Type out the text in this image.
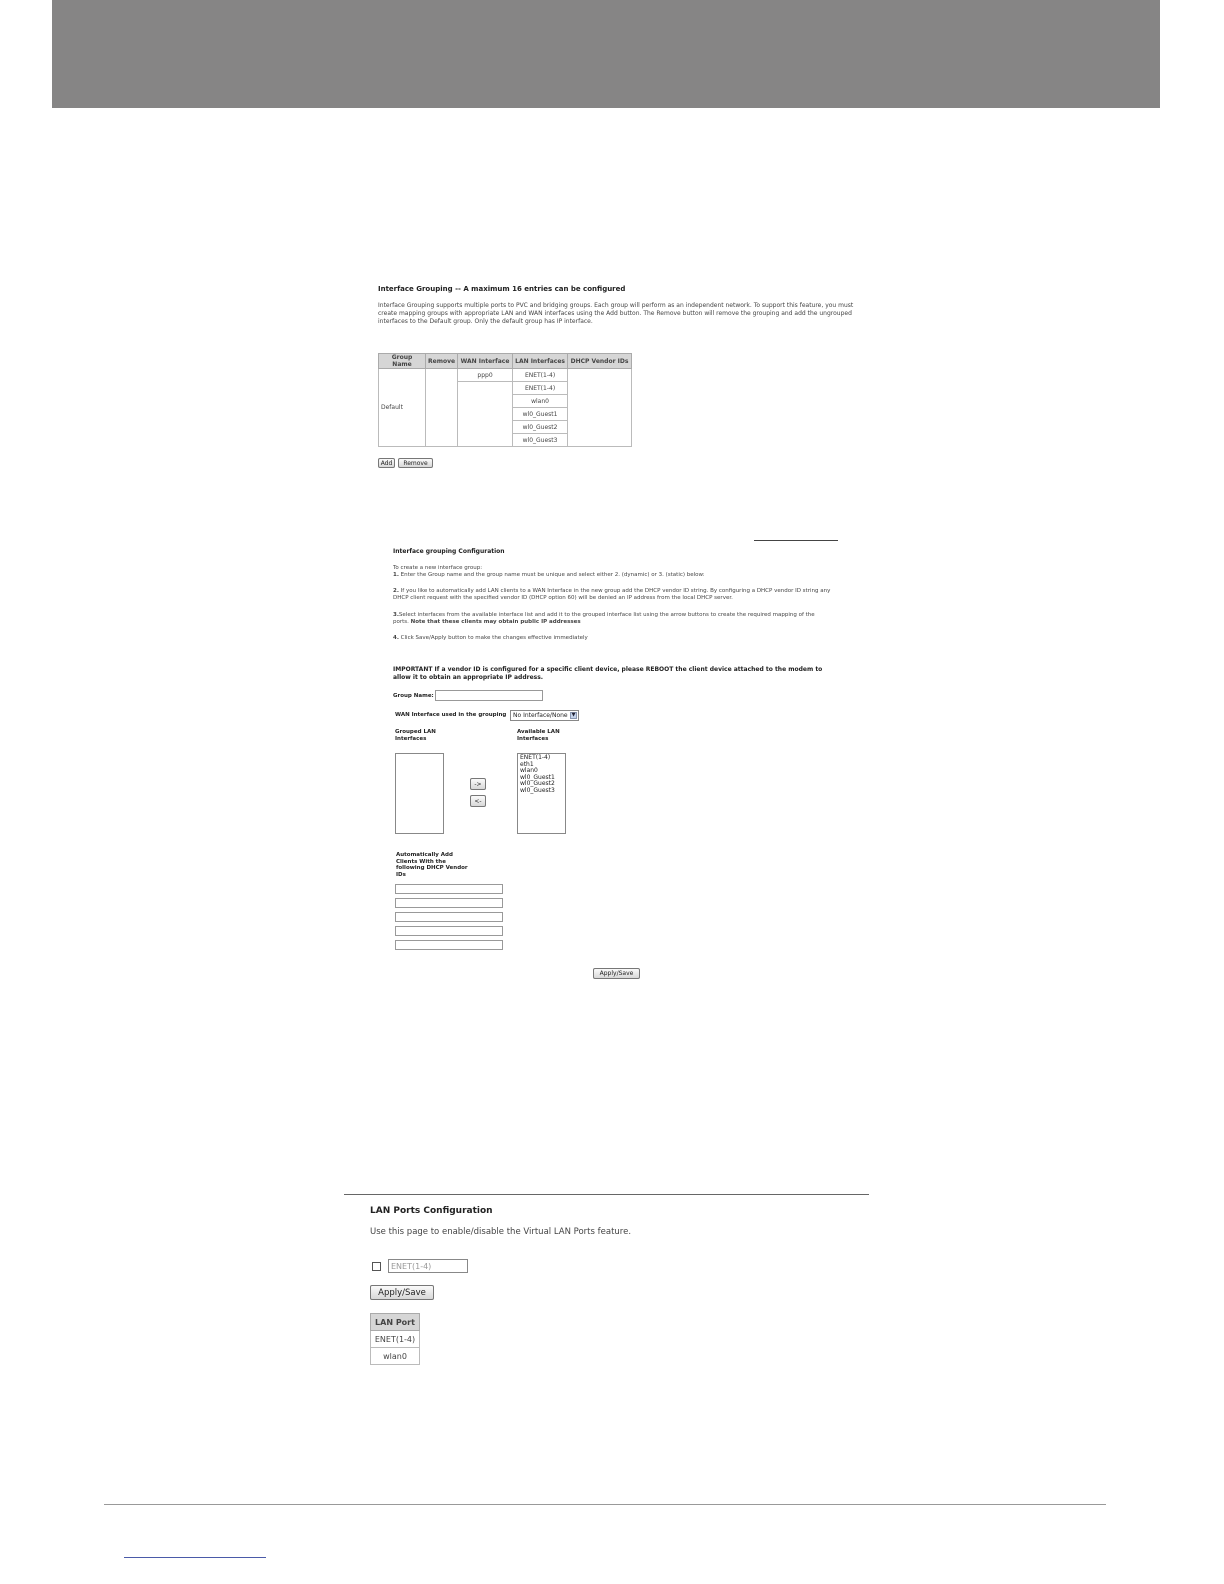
Interface Grouping -- A maximum 16 entries can be configured
Interface Grouping supports multiple ports to PVC and bridging groups. Each group will perform as an independent network. To support this feature, you must create mapping groups with appropriate LAN and WAN interfaces using the Add button. The Remove button will remove the grouping and add the ungrouped interfaces to the Default group. Only the default group has IP interface.
Group Name	Remove	WAN Interface	LAN Interfaces	DHCP Vendor IDs
Default		ppp0	ENET(1-4)	
			ENET(1-4)	
			wlan0	
			wl0_Guest1	
			wl0_Guest2	
			wl0_Guest3	
Add	Remove
Interface grouping Configuration
To create a new interface group:
1. Enter the Group name and the group name must be unique and select either 2. (dynamic) or 3. (static) below:
2. If you like to automatically add LAN clients to a WAN Interface in the new group add the DHCP vendor ID string. By configuring a DHCP vendor ID string any DHCP client request with the specified vendor ID (DHCP option 60) will be denied an IP address from the local DHCP server.
3.Select interfaces from the available interface list and add it to the grouped interface list using the arrow buttons to create the required mapping of the ports. Note that these clients may obtain public IP addresses
4. Click Save/Apply button to make the changes effective immediately
IMPORTANT If a vendor ID is configured for a specific client device, please REBOOT the client device attached to the modem to allow it to obtain an appropriate IP address.
Group Name:
WAN Interface used in the grouping No Interface/None ▼
Grouped LAN
Interfaces
Available LAN
Interfaces
->
<-
ENET(1-4)
eth1
wlan0
wl0_Guest1
wl0_Guest2
wl0_Guest3
Automatically Add
Clients With the
following DHCP Vendor
IDs
Apply/Save
LAN Ports Configuration
Use this page to enable/disable the Virtual LAN Ports feature.
ENET(1-4)
Apply/Save
LAN Port
ENET(1-4)
wlan0
